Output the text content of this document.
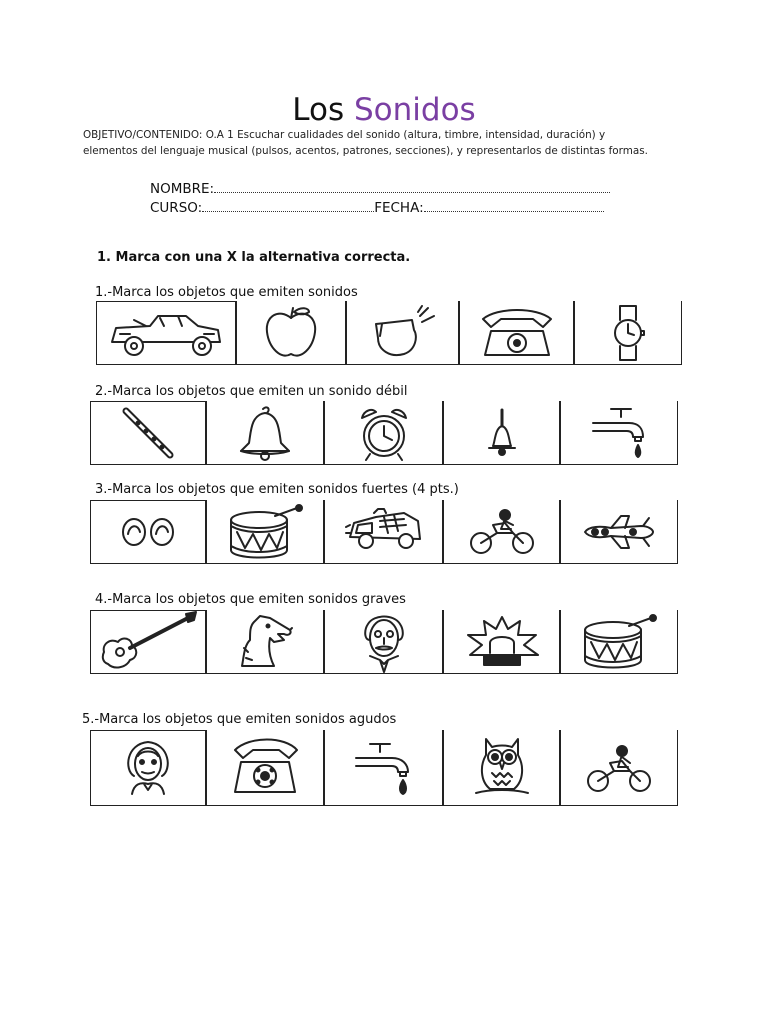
Los Sonidos
OBJETIVO/CONTENIDO: O.A 1 Escuchar cualidades del sonido (altura, timbre, intensidad, duración) y
elementos del lenguaje musical (pulsos, acentos, patrones, secciones), y representarlos de distintas formas.
NOMBRE:
CURSO:	FECHA:
1. Marca con una X la alternativa correcta.
1.-Marca los objetos que emiten sonidos
2.-Marca los objetos que emiten un sonido débil
3.-Marca los objetos que emiten sonidos fuertes (4 pts.)
4.-Marca los objetos que emiten sonidos graves
5.-Marca los objetos que emiten sonidos agudos
